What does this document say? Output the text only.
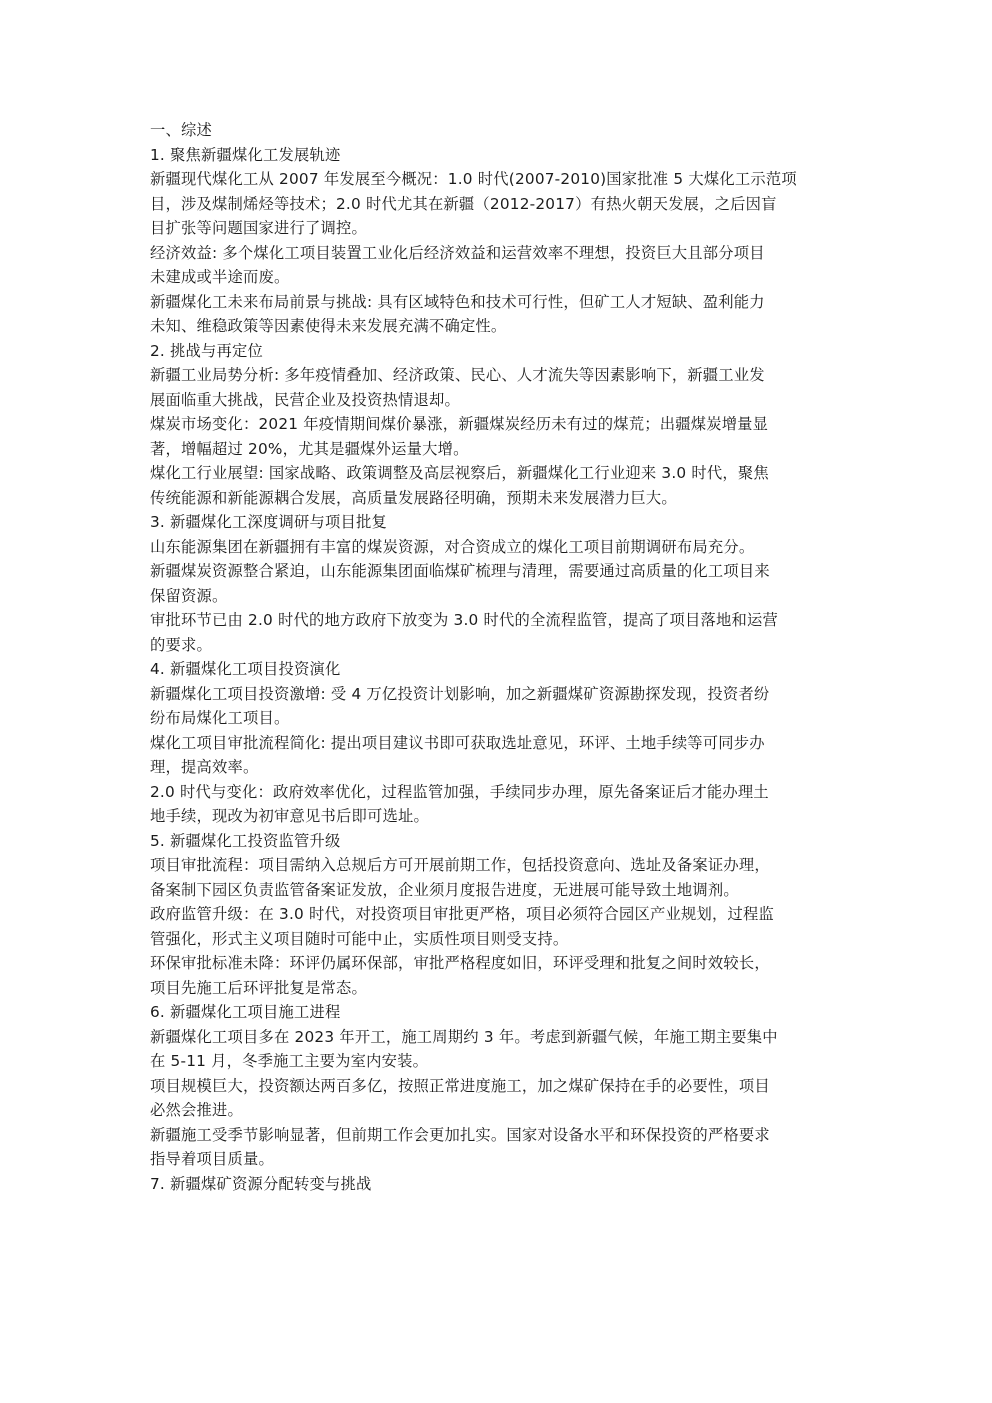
一、综述
1. 聚焦新疆煤化工发展轨迹
新疆现代煤化工从 2007 年发展至今概况：1.0 时代(2007-2010)国家批准 5 大煤化工示范项
目，涉及煤制烯烃等技术；2.0 时代尤其在新疆（2012-2017）有热火朝天发展，之后因盲
目扩张等问题国家进行了调控。
经济效益: 多个煤化工项目装置工业化后经济效益和运营效率不理想，投资巨大且部分项目
未建成或半途而废。
新疆煤化工未来布局前景与挑战: 具有区域特色和技术可行性，但矿工人才短缺、盈利能力
未知、维稳政策等因素使得未来发展充满不确定性。
2. 挑战与再定位
新疆工业局势分析: 多年疫情叠加、经济政策、民心、人才流失等因素影响下，新疆工业发
展面临重大挑战，民营企业及投资热情退却。
煤炭市场变化：2021 年疫情期间煤价暴涨，新疆煤炭经历未有过的煤荒；出疆煤炭增量显
著，增幅超过 20%，尤其是疆煤外运量大增。
煤化工行业展望: 国家战略、政策调整及高层视察后，新疆煤化工行业迎来 3.0 时代，聚焦
传统能源和新能源耦合发展，高质量发展路径明确，预期未来发展潜力巨大。
3. 新疆煤化工深度调研与项目批复
山东能源集团在新疆拥有丰富的煤炭资源，对合资成立的煤化工项目前期调研布局充分。
新疆煤炭资源整合紧迫，山东能源集团面临煤矿梳理与清理，需要通过高质量的化工项目来
保留资源。
审批环节已由 2.0 时代的地方政府下放变为 3.0 时代的全流程监管，提高了项目落地和运营
的要求。
4. 新疆煤化工项目投资演化
新疆煤化工项目投资激增: 受 4 万亿投资计划影响，加之新疆煤矿资源勘探发现，投资者纷
纷布局煤化工项目。
煤化工项目审批流程简化: 提出项目建议书即可获取选址意见，环评、土地手续等可同步办
理，提高效率。
2.0 时代与变化：政府效率优化，过程监管加强，手续同步办理，原先备案证后才能办理土
地手续，现改为初审意见书后即可选址。
5. 新疆煤化工投资监管升级
项目审批流程：项目需纳入总规后方可开展前期工作，包括投资意向、选址及备案证办理，
备案制下园区负责监管备案证发放，企业须月度报告进度，无进展可能导致土地调剂。
政府监管升级：在 3.0 时代，对投资项目审批更严格，项目必须符合园区产业规划，过程监
管强化，形式主义项目随时可能中止，实质性项目则受支持。
环保审批标准未降：环评仍属环保部，审批严格程度如旧，环评受理和批复之间时效较长，
项目先施工后环评批复是常态。
6. 新疆煤化工项目施工进程
新疆煤化工项目多在 2023 年开工，施工周期约 3 年。考虑到新疆气候，年施工期主要集中
在 5-11 月，冬季施工主要为室内安装。
项目规模巨大，投资额达两百多亿，按照正常进度施工，加之煤矿保持在手的必要性，项目
必然会推进。
新疆施工受季节影响显著，但前期工作会更加扎实。国家对设备水平和环保投资的严格要求
指导着项目质量。
7. 新疆煤矿资源分配转变与挑战
